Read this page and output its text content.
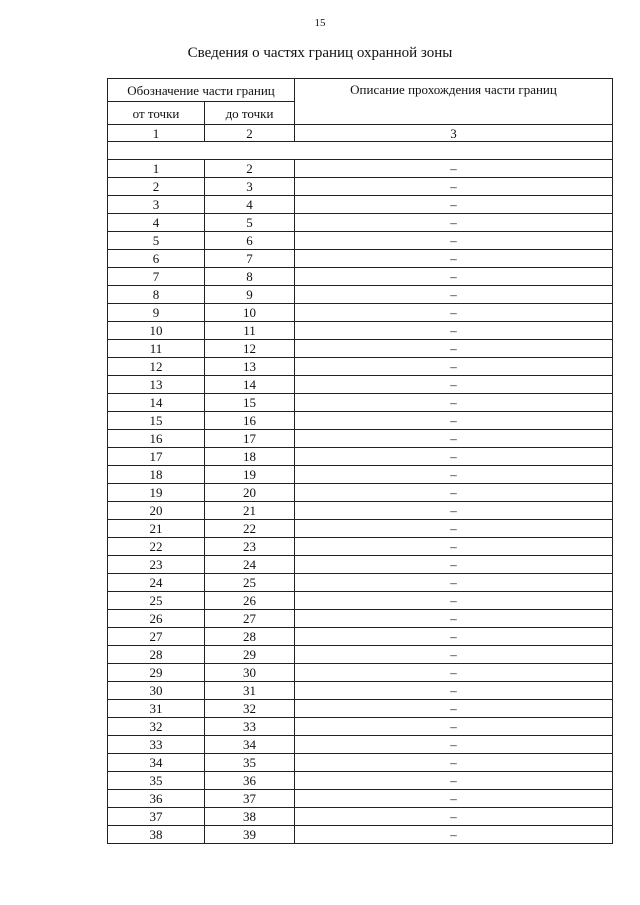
15
Сведения о частях границ охранной зоны
Обозначение части границ		Описание прохождения части границ
от точки	до точки	
1	2	3

1	2	–
2	3	–
3	4	–
4	5	–
5	6	–
6	7	–
7	8	–
8	9	–
9	10	–
10	11	–
11	12	–
12	13	–
13	14	–
14	15	–
15	16	–
16	17	–
17	18	–
18	19	–
19	20	–
20	21	–
21	22	–
22	23	–
23	24	–
24	25	–
25	26	–
26	27	–
27	28	–
28	29	–
29	30	–
30	31	–
31	32	–
32	33	–
33	34	–
34	35	–
35	36	–
36	37	–
37	38	–
38	39	–
